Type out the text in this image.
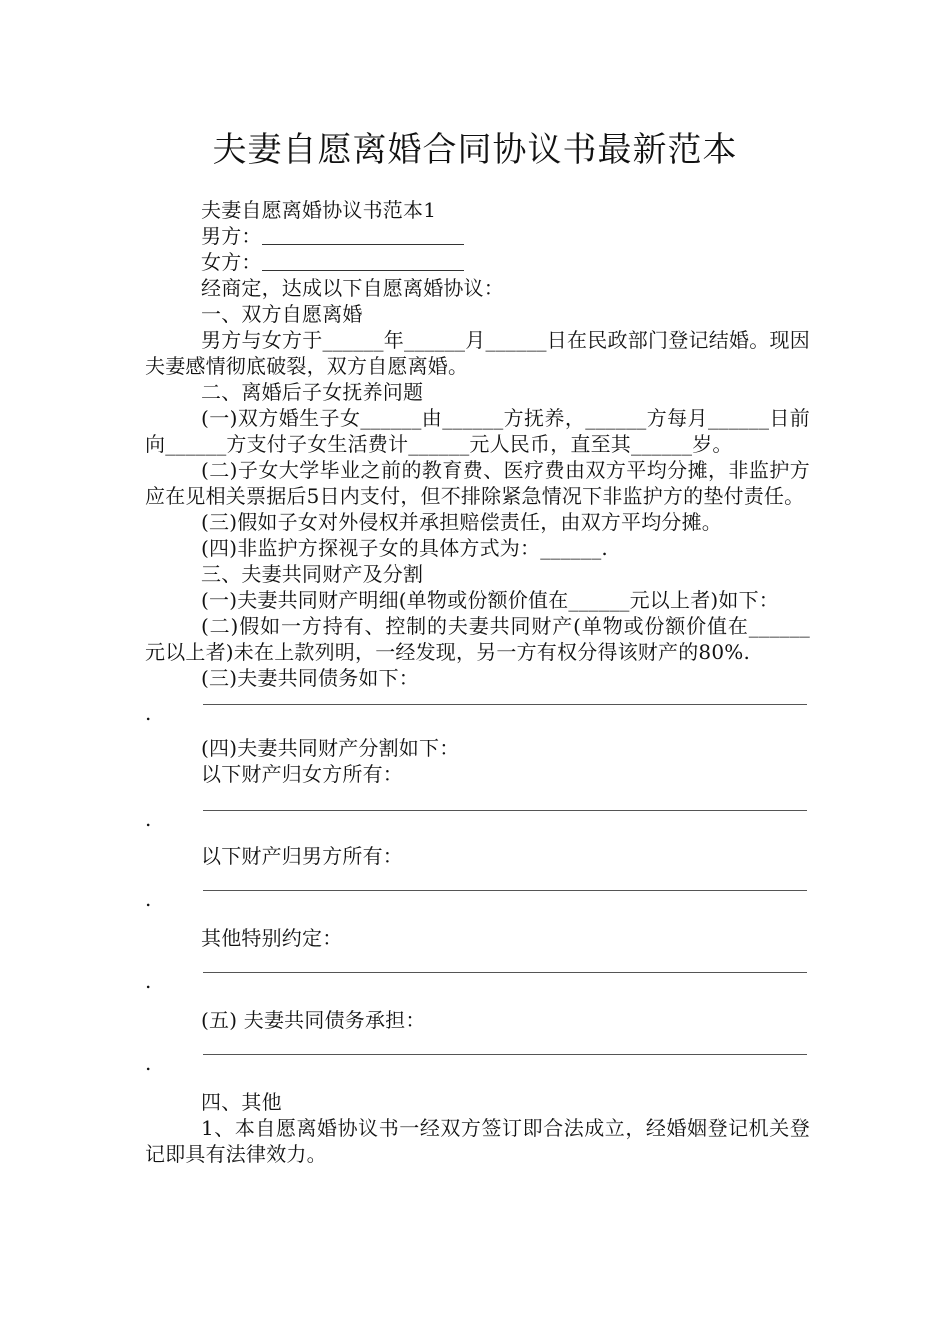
夫妻自愿离婚合同协议书最新范本

夫妻自愿离婚协议书范本1

男方：

女方：

经商定，达成以下自愿离婚协议：

一、双方自愿离婚

男方与女方于______年______月______日在民政部门登记结婚。现因夫妻感情彻底破裂，双方自愿离婚。

二、离婚后子女抚养问题

(一)双方婚生子女______由______方抚养，______方每月______日前向______方支付子女生活费计______元人民币，直至其______岁。

(二)子女大学毕业之前的教育费、医疗费由双方平均分摊，非监护方应在见相关票据后5日内支付，但不排除紧急情况下非监护方的垫付责任。

(三)假如子女对外侵权并承担赔偿责任，由双方平均分摊。

(四)非监护方探视子女的具体方式为：______.

三、夫妻共同财产及分割

(一)夫妻共同财产明细(单物或份额价值在______元以上者)如下：

(二)假如一方持有、控制的夫妻共同财产(单物或份额价值在______元以上者)未在上款列明，一经发现，另一方有权分得该财产的80%.

(三)夫妻共同债务如下：

.

(四)夫妻共同财产分割如下：

以下财产归女方所有：

.

以下财产归男方所有：

.

其他特别约定：

.

(五) 夫妻共同债务承担：

.

四、其他

1、本自愿离婚协议书一经双方签订即合法成立，经婚姻登记机关登记即具有法律效力。
